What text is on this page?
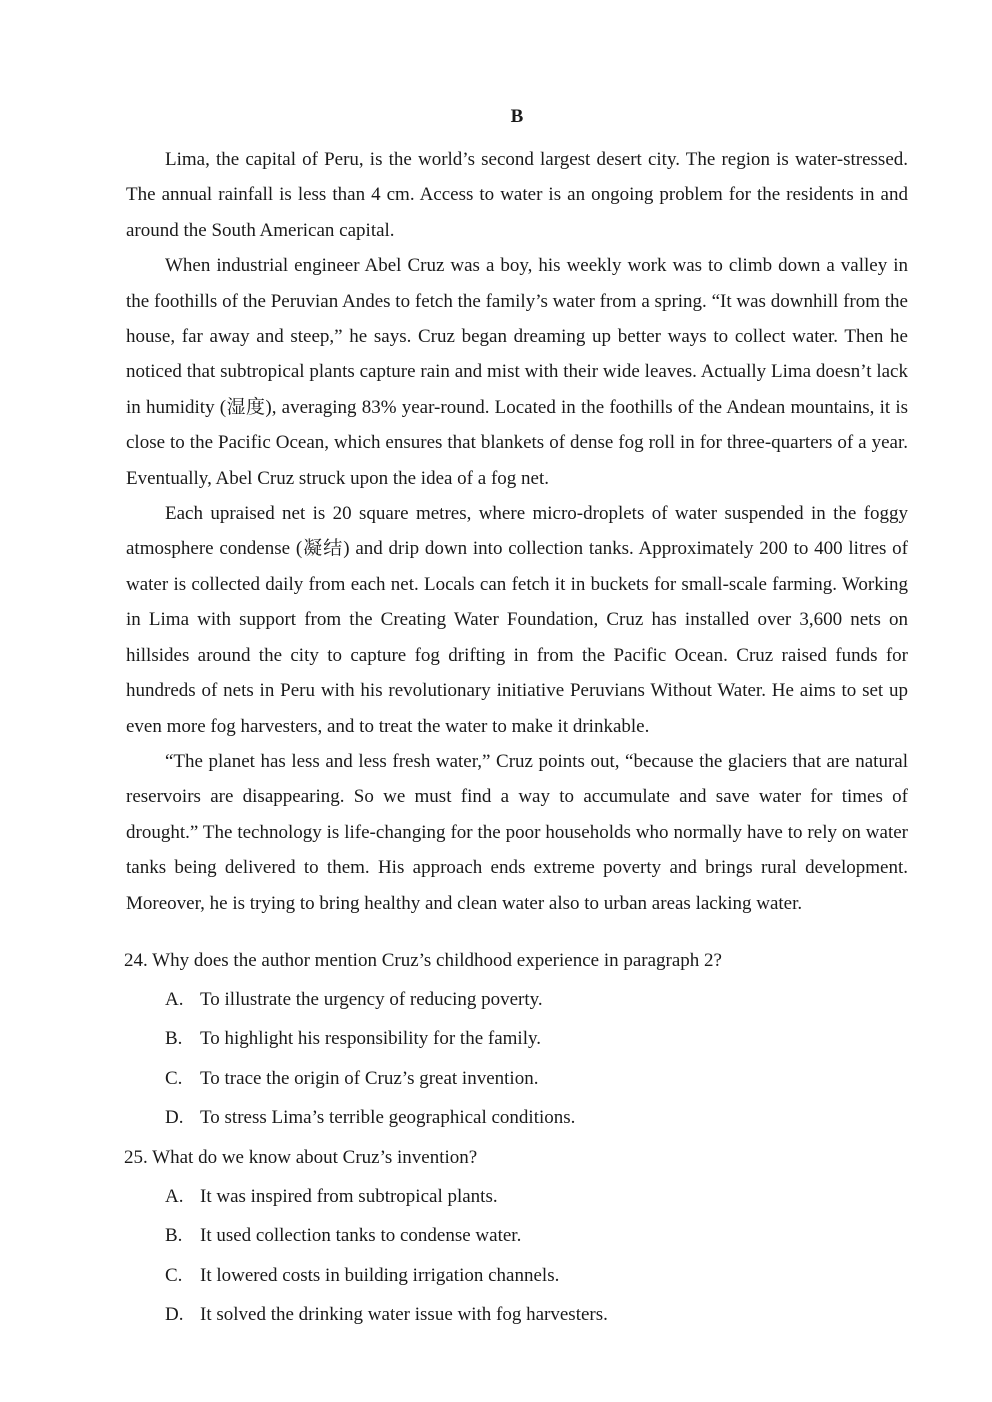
B

Lima, the capital of Peru, is the world’s second largest desert city. The region is water-stressed. The annual rainfall is less than 4 cm. Access to water is an ongoing problem for the residents in and around the South American capital.

When industrial engineer Abel Cruz was a boy, his weekly work was to climb down a valley in the foothills of the Peruvian Andes to fetch the family’s water from a spring. “It was downhill from the house, far away and steep,” he says. Cruz began dreaming up better ways to collect water. Then he noticed that subtropical plants capture rain and mist with their wide leaves. Actually Lima doesn’t lack in humidity (湿度), averaging 83% year-round. Located in the foothills of the Andean mountains, it is close to the Pacific Ocean, which ensures that blankets of dense fog roll in for three-quarters of a year. Eventually, Abel Cruz struck upon the idea of a fog net.

Each upraised net is 20 square metres, where micro-droplets of water suspended in the foggy atmosphere condense (凝结) and drip down into collection tanks. Approximately 200 to 400 litres of water is collected daily from each net. Locals can fetch it in buckets for small-scale farming. Working in Lima with support from the Creating Water Foundation, Cruz has installed over 3,600 nets on hillsides around the city to capture fog drifting in from the Pacific Ocean. Cruz raised funds for hundreds of nets in Peru with his revolutionary initiative Peruvians Without Water. He aims to set up even more fog harvesters, and to treat the water to make it drinkable.

“The planet has less and less fresh water,” Cruz points out, “because the glaciers that are natural reservoirs are disappearing. So we must find a way to accumulate and save water for times of drought.” The technology is life-changing for the poor households who normally have to rely on water tanks being delivered to them. His approach ends extreme poverty and brings rural development. Moreover, he is trying to bring healthy and clean water also to urban areas lacking water.

24. Why does the author mention Cruz’s childhood experience in paragraph 2?

A. To illustrate the urgency of reducing poverty.

B. To highlight his responsibility for the family.

C. To trace the origin of Cruz’s great invention.

D. To stress Lima’s terrible geographical conditions.

25. What do we know about Cruz’s invention?

A. It was inspired from subtropical plants.

B. It used collection tanks to condense water.

C. It lowered costs in building irrigation channels.

D. It solved the drinking water issue with fog harvesters.
